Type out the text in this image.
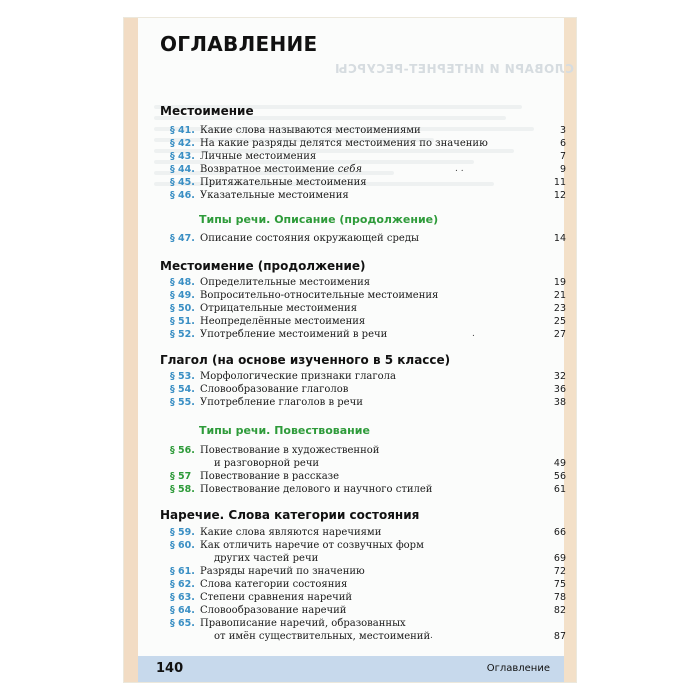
СЛОВАРИ И ИНТЕРНЕТ-РЕСУРСЫ
ОГЛАВЛЕНИЕ
Местоимение
§ 41. Какие слова называются местоимениями	3
§ 42. На какие разряды делятся местоимения по значению	6
§ 43. Личные местоимения	7
§ 44. Возвратное местоимение себя	. .	9
§ 45. Притяжательные местоимения	11
§ 46. Указательные местоимения	12
Типы речи. Описание (продолжение)
§ 47. Описание состояния окружающей среды	14
Местоимение (продолжение)
§ 48. Определительные местоимения	19
§ 49. Вопросительно-относительные местоимения	21
§ 50. Отрицательные местоимения	23
§ 51. Неопределённые местоимения	25
§ 52. Употребление местоимений в речи	.	27
Глагол (на основе изученного в 5 классе)
§ 53. Морфологические признаки глагола	32
§ 54. Словообразование глаголов	36
§ 55. Употребление глаголов в речи	38
Типы речи. Повествование
§ 56. Повествование в художественной
и разговорной речи	49
§ 57 Повествование в рассказе	56
§ 58. Повествование делового и научного стилей	61
Наречие. Слова категории состояния
§ 59. Какие слова являются наречиями	66
§ 60. Как отличить наречие от созвучных форм
других частей речи	69
§ 61. Разряды наречий по значению	72
§ 62. Слова категории состояния	75
§ 63. Степени сравнения наречий	78
§ 64. Словообразование наречий	82
§ 65. Правописание наречий, образованных
от имён существительных, местоимений .	87
140	Оглавление
